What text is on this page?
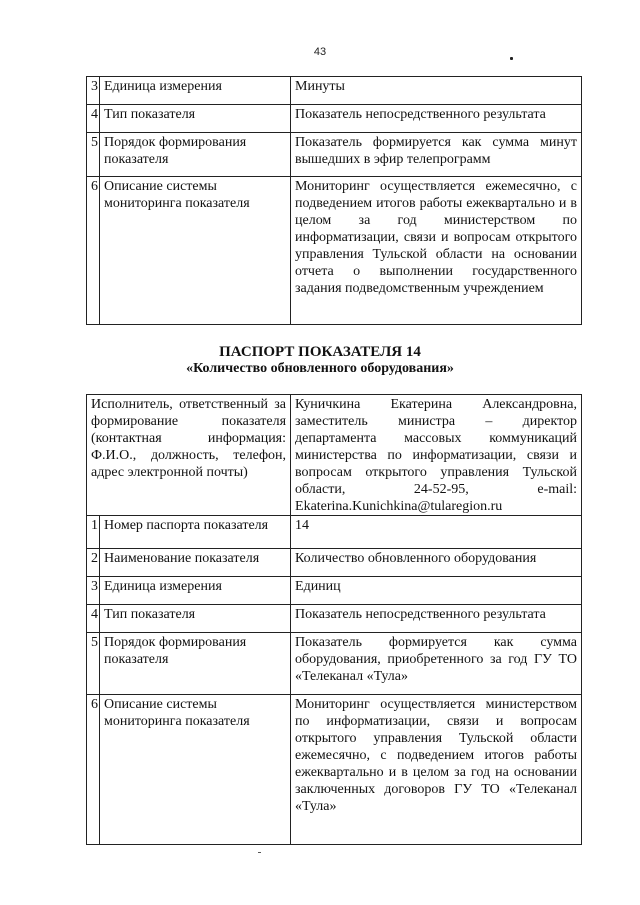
43
3	Единица измерения	Минуты
4	Тип показателя	Показатель непосредственного результата
5	Порядок формирования показателя	Показатель формируется как сумма минут вышедших в эфир телепрограмм
6	Описание системы мониторинга показателя	Мониторинг осуществляется ежемесячно, с подведением итогов работы ежеквартально и в целом за год министерством по информатизации, связи и вопросам открытого управления Тульской области на основании отчета о выполнении государственного задания подведомственным учреждением
ПАСПОРТ ПОКАЗАТЕЛЯ 14
«Количество обновленного оборудования»
Исполнитель, ответственный за формирование показателя (контактная информация: Ф.И.О., должность, телефон, адрес электронной почты)		Куничкина Екатерина Александровна, заместитель министра – директор департамента массовых коммуникаций министерства по информатизации, связи и вопросам открытого управления Тульской области, 24-52-95, e-mail: Ekaterina.Kunichkina@tularegion.ru
1	Номер паспорта показателя	14
2	Наименование показателя	Количество обновленного оборудования
3	Единица измерения	Единиц
4	Тип показателя	Показатель непосредственного результата
5	Порядок формирования показателя	Показатель формируется как сумма оборудования, приобретенного за год ГУ ТО «Телеканал «Тула»
6	Описание системы мониторинга показателя	Мониторинг осуществляется министерством по информатизации, связи и вопросам открытого управления Тульской области ежемесячно, с подведением итогов работы ежеквартально и в целом за год на основании заключенных договоров ГУ ТО «Телеканал «Тула»
